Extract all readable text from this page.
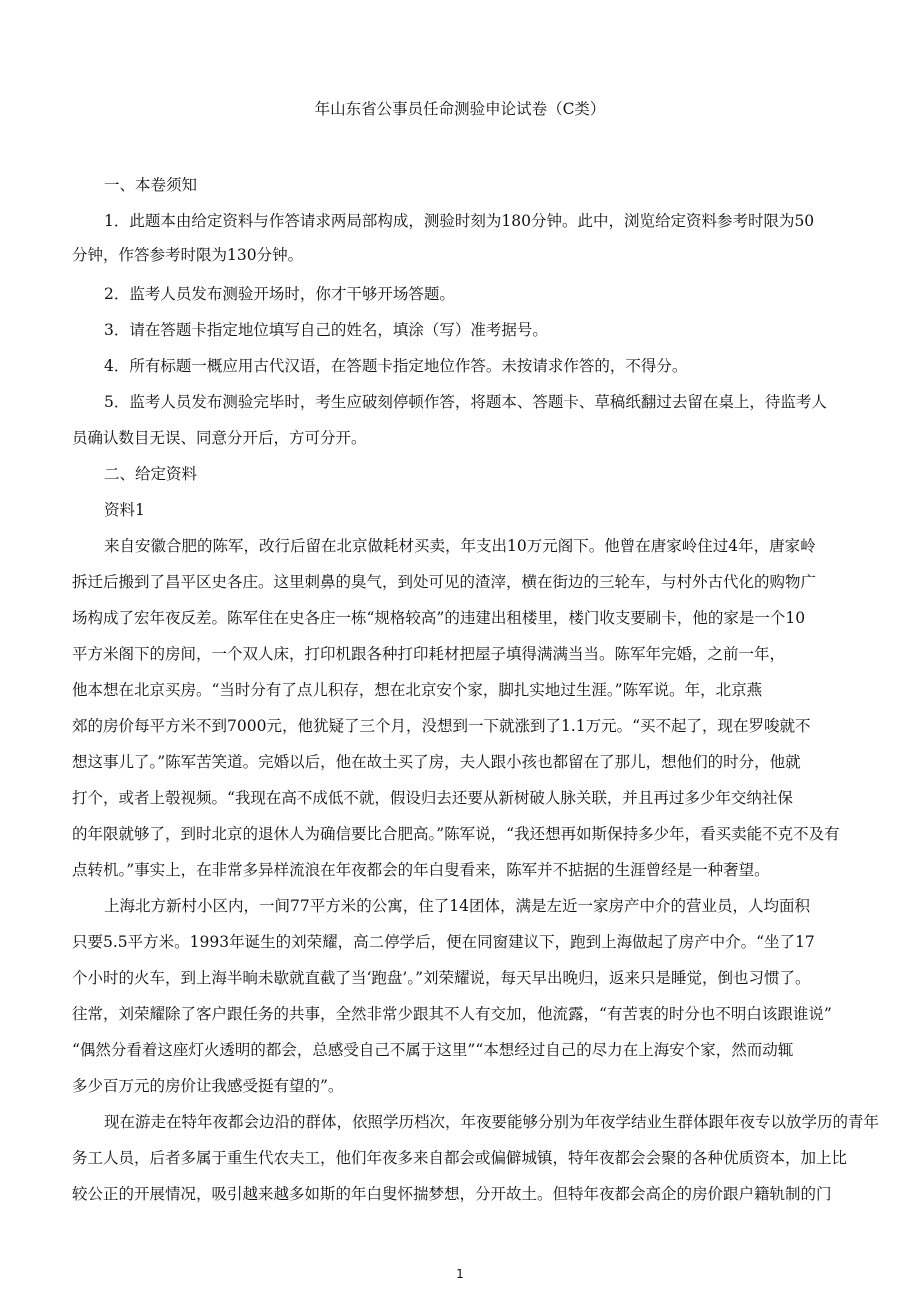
年山东省公事员任命测验申论试卷（C类）
一、本卷须知
1．此题本由给定资料与作答请求两局部构成，测验时刻为180分钟。此中，浏览给定资料参考时限为50
分钟，作答参考时限为130分钟。
2．监考人员发布测验开场时，你才干够开场答题。
3．请在答题卡指定地位填写自己的姓名，填涂（写）准考据号。
4．所有标题一概应用古代汉语，在答题卡指定地位作答。未按请求作答的，不得分。
5．监考人员发布测验完毕时，考生应破刻停顿作答，将题本、答题卡、草稿纸翻过去留在桌上，待监考人
员确认数目无误、同意分开后，方可分开。
二、给定资料
资料1
来自安徽合肥的陈军，改行后留在北京做耗材买卖，年支出10万元阁下。他曾在唐家岭住过4年，唐家岭
拆迁后搬到了昌平区史各庄。这里刺鼻的臭气，到处可见的渣滓，横在街边的三轮车，与村外古代化的购物广
场构成了宏年夜反差。陈军住在史各庄一栋“规格较高”的违建出租楼里，楼门收支要刷卡，他的家是一个10
平方米阁下的房间，一个双人床，打印机跟各种打印耗材把屋子填得满满当当。陈军年完婚，之前一年，
他本想在北京买房。“当时分有了点儿积存，想在北京安个家，脚扎实地过生涯。”陈军说。年，北京燕
郊的房价每平方米不到7000元，他犹疑了三个月，没想到一下就涨到了1.1万元。“买不起了，现在罗唆就不
想这事儿了。”陈军苦笑道。完婚以后，他在故土买了房，夫人跟小孩也都留在了那儿，想他们的时分，他就
打个，或者上彀视频。“我现在高不成低不就，假设归去还要从新树破人脉关联，并且再过多少年交纳社保
的年限就够了，到时北京的退休人为确信要比合肥高。”陈军说，“我还想再如斯保持多少年，看买卖能不克不及有
点转机。”事实上，在非常多异样流浪在年夜都会的年白叟看来，陈军并不掂据的生涯曾经是一种奢望。
上海北方新村小区内，一间77平方米的公寓，住了14团体，满是左近一家房产中介的营业员，人均面积
只要5.5平方米。1993年诞生的刘荣耀，高二停学后，便在同窗建议下，跑到上海做起了房产中介。“坐了17
个小时的火车，到上海半晌未歇就直截了当‘跑盘’。”刘荣耀说，每天早出晚归，返来只是睡觉，倒也习惯了。
往常，刘荣耀除了客户跟任务的共事，全然非常少跟其不人有交加，他流露，“有苦衷的时分也不明白该跟谁说”
“偶然分看着这座灯火透明的都会，总感受自己不属于这里”“本想经过自己的尽力在上海安个家，然而动辄
多少百万元的房价让我感受挺有望的”。
现在游走在特年夜都会边沿的群体，依照学历档次，年夜要能够分别为年夜学结业生群体跟年夜专以放学历的青年
务工人员，后者多属于重生代农夫工，他们年夜多来自都会或偏僻城镇，特年夜都会会聚的各种优质资本，加上比
较公正的开展情况，吸引越来越多如斯的年白叟怀揣梦想，分开故土。但特年夜都会高企的房价跟户籍轨制的门
1
